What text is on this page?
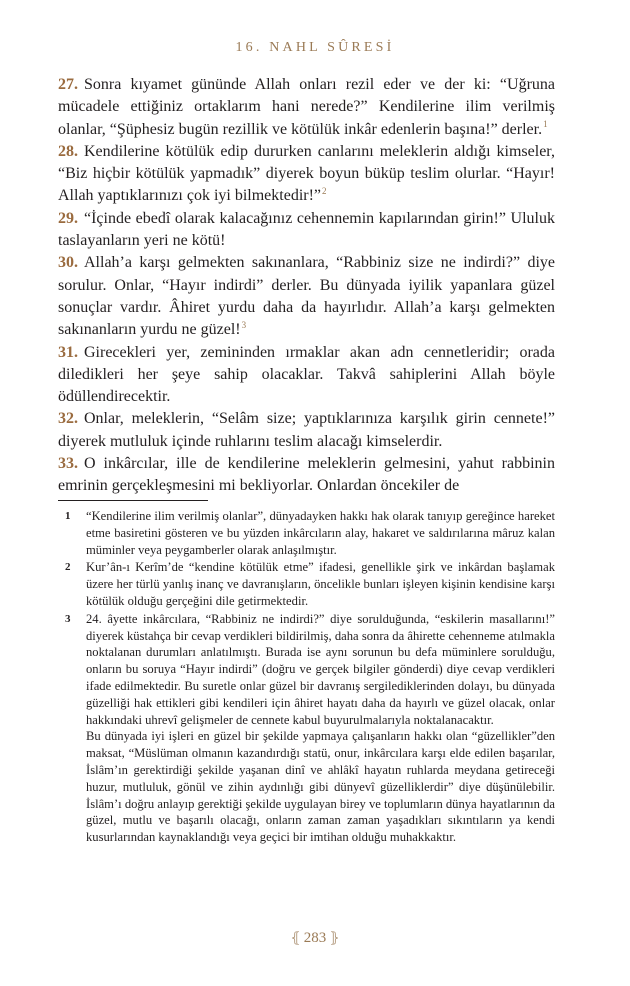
16. NAHL SÛRESİ

27. Sonra kıyamet gününde Allah onları rezil eder ve der ki: “Uğruna mücadele ettiğiniz ortaklarım hani nerede?” Kendilerine ilim verilmiş olanlar, “Şüphesiz bugün rezillik ve kötülük inkâr edenlerin başına!” derler.$^1$

28. Kendilerine kötülük edip dururken canlarını meleklerin aldığı kimseler, “Biz hiçbir kötülük yapmadık” diyerek boyun büküp teslim olurlar. “Hayır! Allah yaptıklarınızı çok iyi bilmektedir!”$^2$

29. “İçinde ebedî olarak kalacağınız cehennemin kapılarından girin!” Ululuk taslayanların yeri ne kötü!

30. Allah’a karşı gelmekten sakınanlara, “Rabbiniz size ne indirdi?” diye sorulur. Onlar, “Hayır indirdi” derler. Bu dünyada iyilik yapanlara güzel sonuçlar vardır. Âhiret yurdu daha da hayırlıdır. Allah’a karşı gelmekten sakınanların yurdu ne güzel!$^3$

31. Girecekleri yer, zemininden ırmaklar akan adn cennetleridir; orada diledikleri her şeye sahip olacaklar. Takvâ sahiplerini Allah böyle ödüllendirecektir.

32. Onlar, meleklerin, “Selâm size; yaptıklarınıza karşılık girin cennete!” diyerek mutluluk içinde ruhlarını teslim alacağı kimselerdir.

33. O inkârcılar, ille de kendilerine meleklerin gelmesini, yahut rabbinin emrinin gerçekleşmesini mi bekliyorlar. Onlardan öncekiler de

1	“Kendilerine ilim verilmiş olanlar”, dünyadayken hakkı hak olarak tanıyıp gereğince hareket etme basiretini gösteren ve bu yüzden inkârcıların alay, hakaret ve saldırılarına mâruz kalan müminler veya peygamberler olarak anlaşılmıştır.

2	Kur’ân-ı Kerîm’de “kendine kötülük etme” ifadesi, genellikle şirk ve inkârdan başlamak üzere her türlü yanlış inanç ve davranışların, öncelikle bunları işleyen kişinin kendisine karşı kötülük olduğu gerçeğini dile getirmektedir.

3	24. âyette inkârcılara, “Rabbiniz ne indirdi?” diye sorulduğunda, “eskilerin masallarını!” diyerek küstahça bir cevap verdikleri bildirilmiş, daha sonra da âhirette cehenneme atılmakla noktalanan durumları anlatılmıştı. Burada ise aynı sorunun bu defa müminlere sorulduğu, onların bu soruya “Hayır indirdi” (doğru ve gerçek bilgiler gönderdi) diye cevap verdikleri ifade edilmektedir. Bu suretle onlar güzel bir davranış sergilediklerinden dolayı, bu dünyada güzelliği hak ettikleri gibi kendileri için âhiret hayatı daha da hayırlı ve güzel olacak, onlar hakkındaki uhrevî gelişmeler de cennete kabul buyurulmalarıyla noktalanacaktır.

Bu dünyada iyi işleri en güzel bir şekilde yapmaya çalışanların hakkı olan “güzellikler”den maksat, “Müslüman olmanın kazandırdığı statü, onur, inkârcılara karşı elde edilen başarılar, İslâm’ın gerektirdiği şekilde yaşanan dinî ve ahlâkî hayatın ruhlarda meydana getireceği huzur, mutluluk, gönül ve zihin aydınlığı gibi dünyevî güzelliklerdir” diye düşünülebilir. İslâm’ı doğru anlayıp gerektiği şekilde uygulayan birey ve toplumların dünya hayatlarının da güzel, mutlu ve başarılı olacağı, onların zaman zaman yaşadıkları sıkıntıların ya kendi kusurlarından kaynaklandığı veya geçici bir imtihan olduğu muhakkaktır.

⦃ 283 ⦄
